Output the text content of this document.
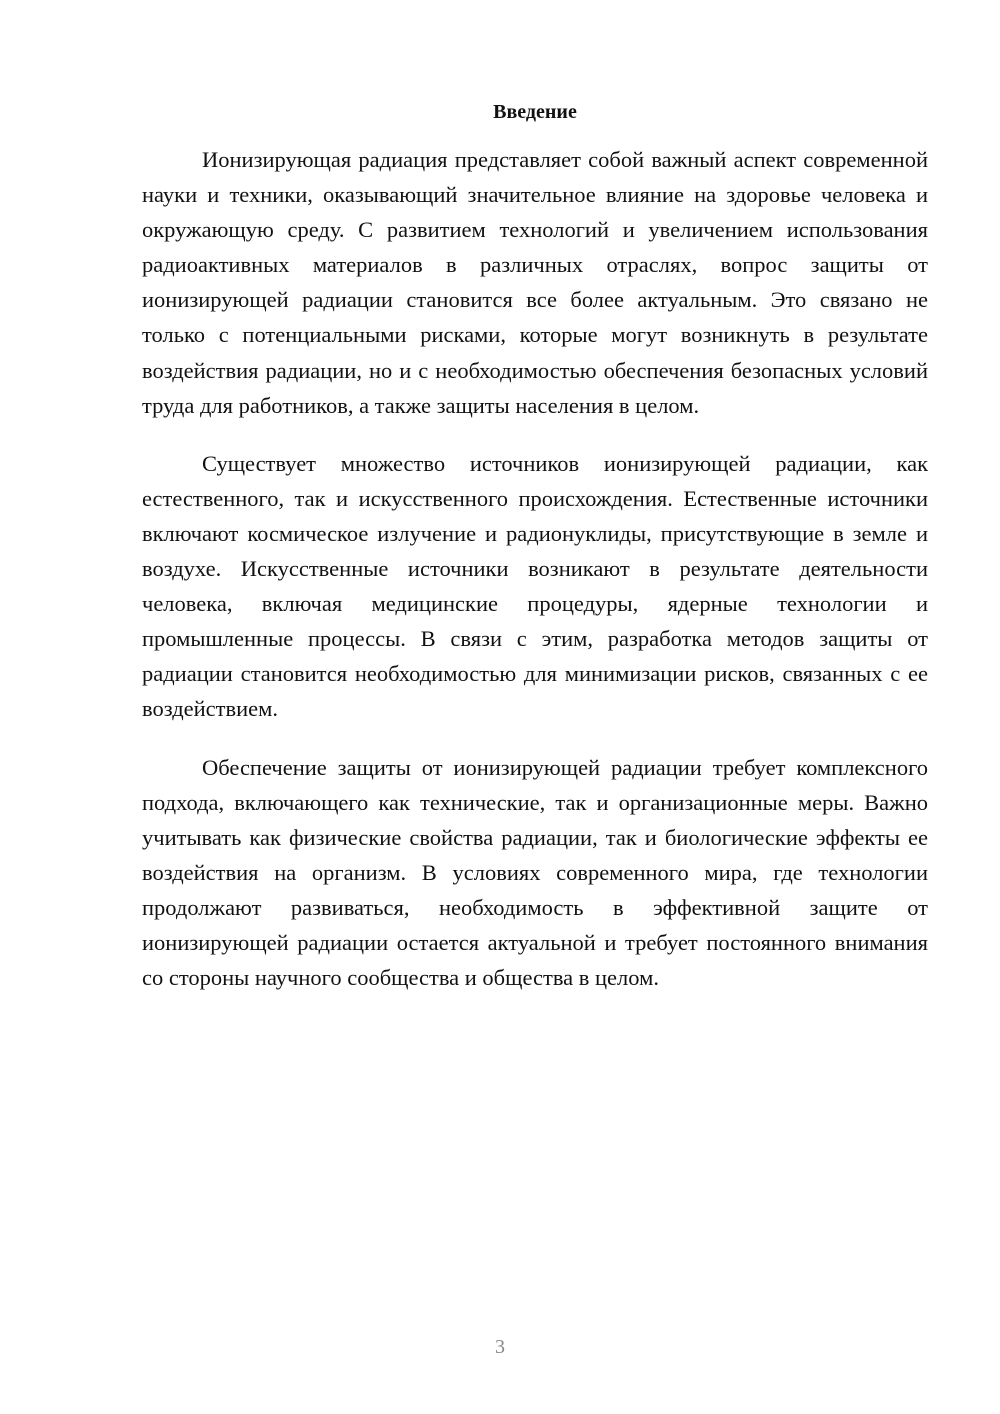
Введение

Ионизирующая радиация представляет собой важный аспект современной науки и техники, оказывающий значительное влияние на здоровье человека и окружающую среду. С развитием технологий и увеличением использования радиоактивных материалов в различных отраслях, вопрос защиты от ионизирующей радиации становится все более актуальным. Это связано не только с потенциальными рисками, которые могут возникнуть в результате воздействия радиации, но и с необходимостью обеспечения безопасных условий труда для работников, а также защиты населения в целом.

Существует множество источников ионизирующей радиации, как естественного, так и искусственного происхождения. Естественные источники включают космическое излучение и радионуклиды, присутствующие в земле и воздухе. Искусственные источники возникают в результате деятельности человека, включая медицинские процедуры, ядерные технологии и промышленные процессы. В связи с этим, разработка методов защиты от радиации становится необходимостью для минимизации рисков, связанных с ее воздействием.

Обеспечение защиты от ионизирующей радиации требует комплексного подхода, включающего как технические, так и организационные меры. Важно учитывать как физические свойства радиации, так и биологические эффекты ее воздействия на организм. В условиях современного мира, где технологии продолжают развиваться, необходимость в эффективной защите от ионизирующей радиации остается актуальной и требует постоянного внимания со стороны научного сообщества и общества в целом.

3
